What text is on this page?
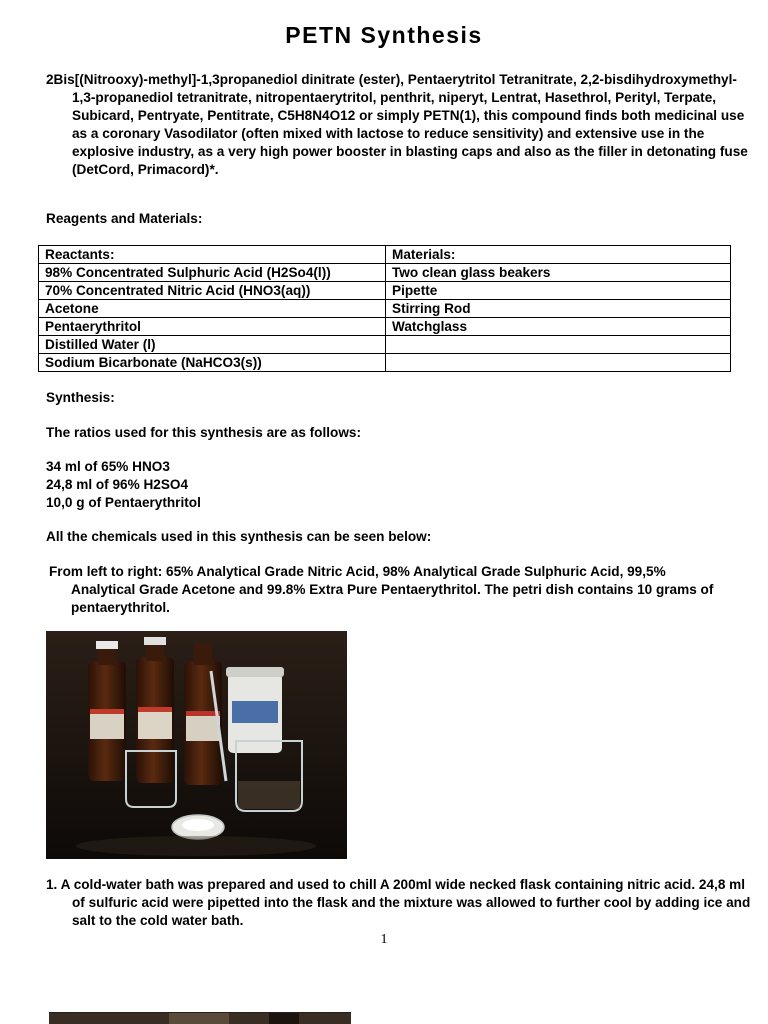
PETN Synthesis

2Bis[(Nitrooxy)-methyl]-1,3propanediol dinitrate (ester), Pentaerytritol Tetranitrate, 2,2-bisdihydroxymethyl-1,3-propanediol tetranitrate, nitropentaerytritol, penthrit, niperyt, Lentrat, Hasethrol, Perityl, Terpate, Subicard, Pentryate, Pentitrate, C5H8N4O12 or simply PETN(1), this compound finds both medicinal use as a coronary Vasodilator (often mixed with lactose to reduce sensitivity) and extensive use in the explosive industry, as a very high power booster in blasting caps and also as the filler in detonating fuse (DetCord, Primacord)*.

Reagents and Materials:

Reactants:	Materials:
98% Concentrated Sulphuric Acid (H2So4(l))	Two clean glass beakers
70% Concentrated Nitric Acid (HNO3(aq))	Pipette
Acetone	Stirring Rod
Pentaerythritol	Watchglass
Distilled Water (l)	
Sodium Bicarbonate (NaHCO3(s))	

Synthesis:

The ratios used for this synthesis are as follows:

34 ml of 65% HNO3
24,8 ml of 96% H2SO4
10,0 g of Pentaerythritol

All the chemicals used in this synthesis can be seen below:

From left to right: 65% Analytical Grade Nitric Acid, 98% Analytical Grade Sulphuric Acid, 99,5% Analytical Grade Acetone and 99.8% Extra Pure Pentaerythritol. The petri dish contains 10 grams of pentaerythritol.

1. A cold-water bath was prepared and used to chill A 200ml wide necked flask containing nitric acid. 24,8 ml of sulfuric acid were pipetted into the flask and the mixture was allowed to further cool by adding ice and salt to the cold water bath.

1
